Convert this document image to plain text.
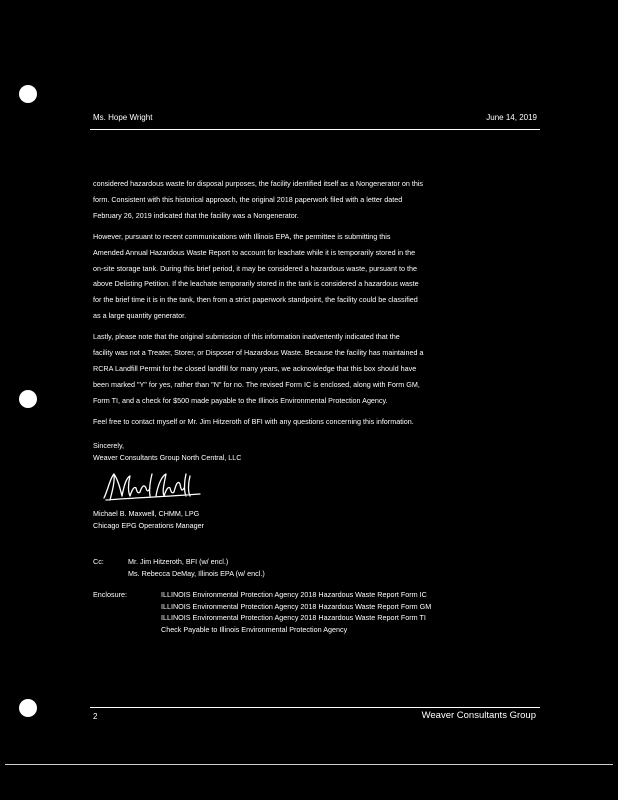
Ms. Hope Wright	June 14, 2019

considered hazardous waste for disposal purposes, the facility identified itself as a Nongenerator on this
form. Consistent with this historical approach, the original 2018 paperwork filed with a letter dated
February 26, 2019 indicated that the facility was a Nongenerator.

However, pursuant to recent communications with Illinois EPA, the permittee is submitting this
Amended Annual Hazardous Waste Report to account for leachate while it is temporarily stored in the
on-site storage tank. During this brief period, it may be considered a hazardous waste, pursuant to the
above Delisting Petition. If the leachate temporarily stored in the tank is considered a hazardous waste
for the brief time it is in the tank, then from a strict paperwork standpoint, the facility could be classified
as a large quantity generator.

Lastly, please note that the original submission of this information inadvertently indicated that the
facility was not a Treater, Storer, or Disposer of Hazardous Waste. Because the facility has maintained a
RCRA Landfill Permit for the closed landfill for many years, we acknowledge that this box should have
been marked "Y" for yes, rather than "N" for no. The revised Form IC is enclosed, along with Form GM,
Form TI, and a check for $500 made payable to the Illinois Environmental Protection Agency.

Feel free to contact myself or Mr. Jim Hitzeroth of BFI with any questions concerning this information.

Sincerely,
Weaver Consultants Group North Central, LLC
Michael B. Maxwell, CHMM, LPG
Chicago EPG Operations Manager
Cc:	Mr. Jim Hitzeroth, BFI (w/ encl.)
Ms. Rebecca DeMay, Illinois EPA (w/ encl.)
Enclosure:	ILLINOIS Environmental Protection Agency 2018 Hazardous Waste Report Form IC
ILLINOIS Environmental Protection Agency 2018 Hazardous Waste Report Form GM
ILLINOIS Environmental Protection Agency 2018 Hazardous Waste Report Form TI
Check Payable to Illinois Environmental Protection Agency
2	Weaver Consultants Group
